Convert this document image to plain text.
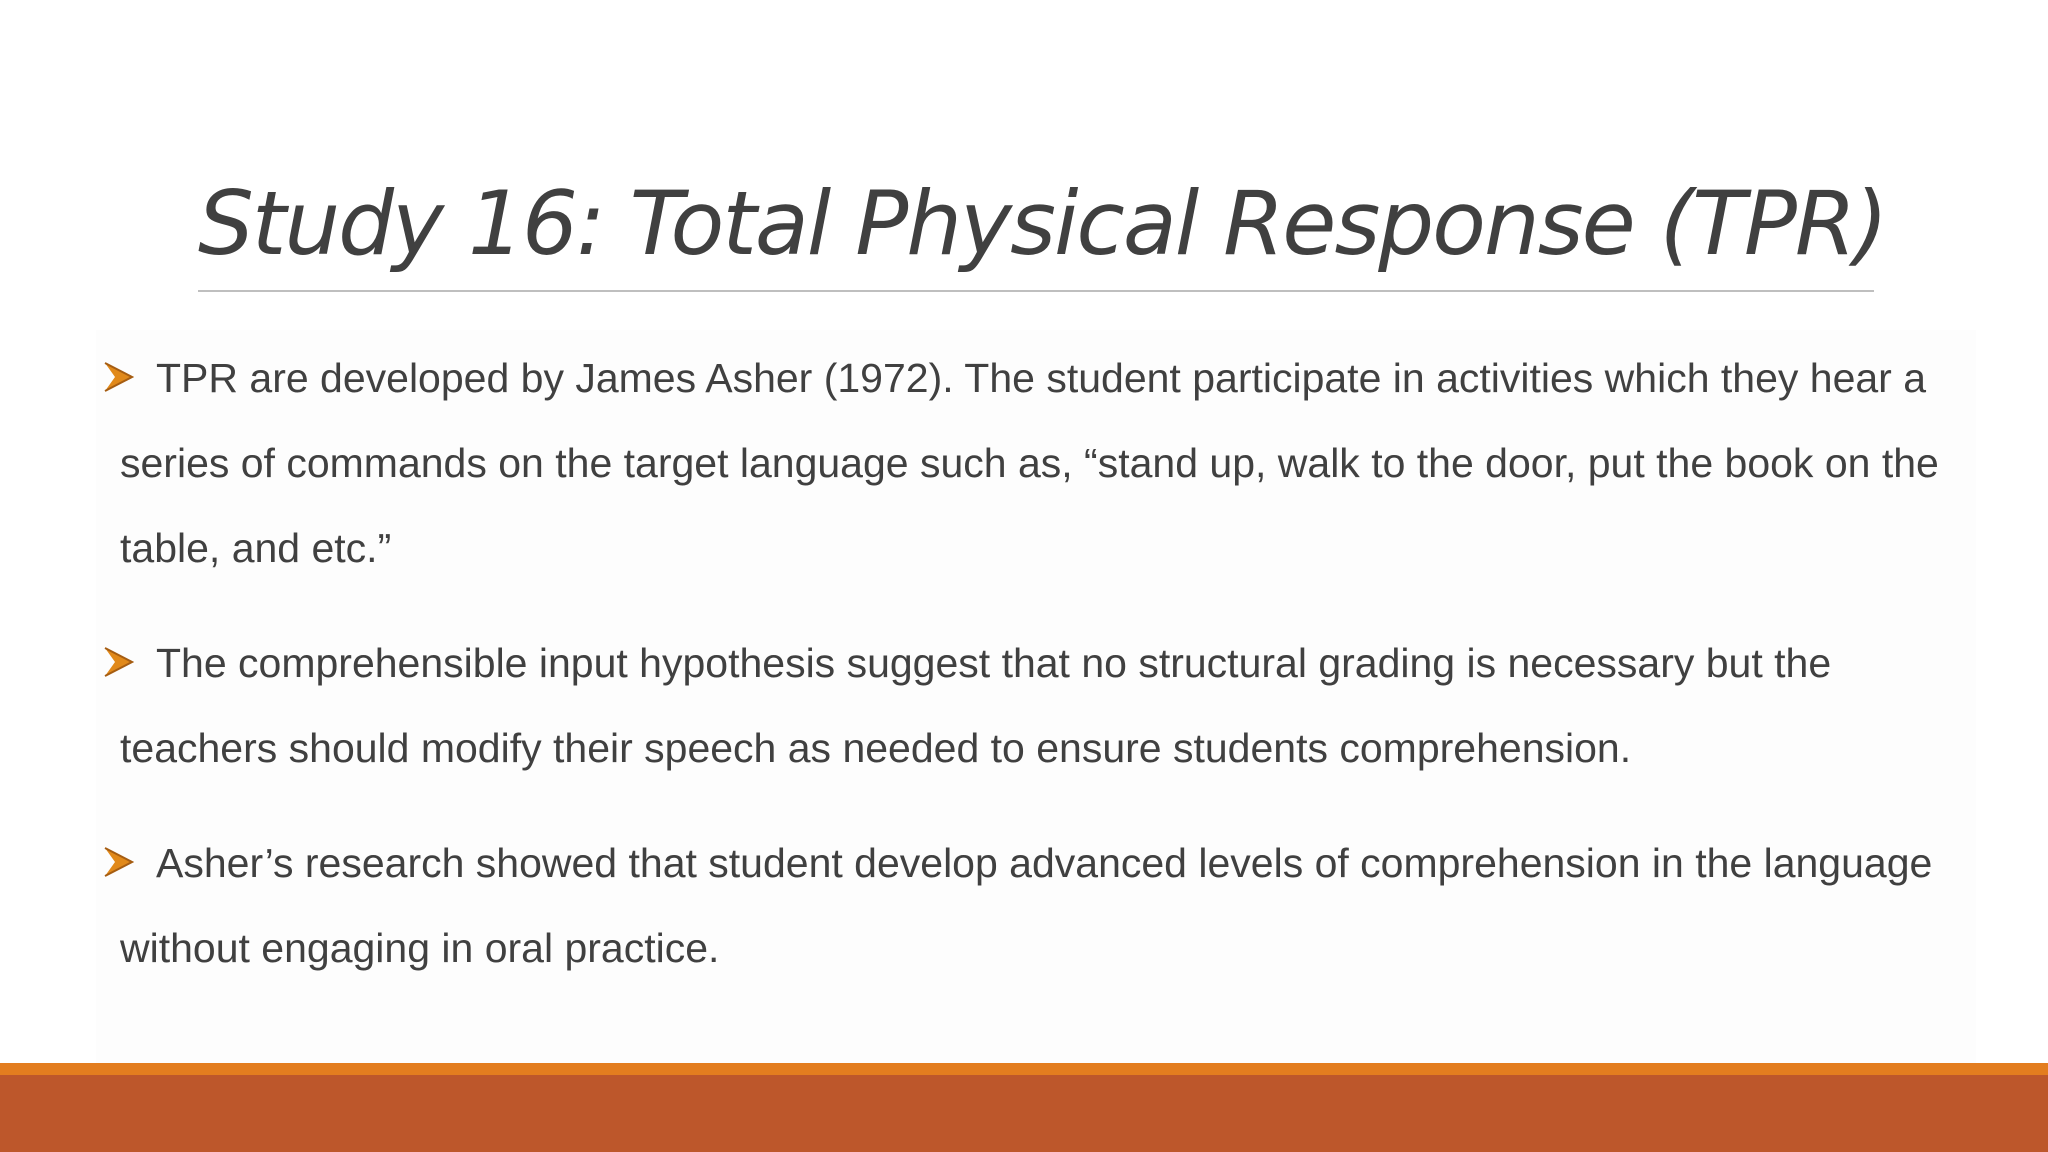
Study 16: Total Physical Response (TPR)
TPR are developed by James Asher (1972). The student participate in activities which they hear a series of commands on the target language such as, “stand up, walk to the door, put the book on the table, and etc.”
The comprehensible input hypothesis suggest that no structural grading is necessary but the teachers should modify their speech as needed to ensure students comprehension.
Asher’s research showed that student develop advanced levels of comprehension in the language without engaging in oral practice.
